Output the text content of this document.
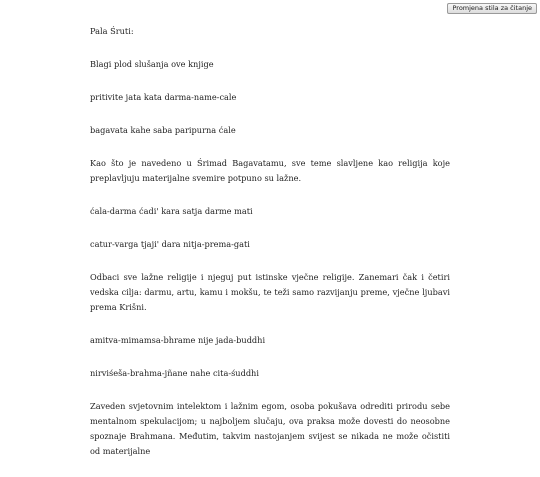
Promjena stila za čitanje

Pala Śruti:

Blagi plod slušanja ove knjige

pritivite jata kata darma-name-cale

bagavata kahe saba paripurna ćale

Kao što je navedeno u Śrimad Bagavatamu, sve teme slavljene kao religija koje preplavljuju materijalne svemire potpuno su lažne.

ćala-darma ćadi' kara satja darme mati

catur-varga tjaji' dara nitja-prema-gati

Odbaci sve lažne religije i njeguj put istinske vječne religije. Zanemari čak i četiri vedska cilja: darmu, artu, kamu i mokšu, te teži samo razvijanju preme, vječne ljubavi prema Krišni.

amitva-mimamsa-bhrame nije jada-buddhi

nirviśeša-brahma-jñane nahe cita-śuddhi

Zaveden svjetovnim intelektom i lažnim egom, osoba pokušava odrediti prirodu sebe mentalnom spekulacijom; u najboljem slučaju, ova praksa može dovesti do neosobne spoznaje Brahmana. Međutim, takvim nastojanjem svijest se nikada ne može očistiti od materijalne
